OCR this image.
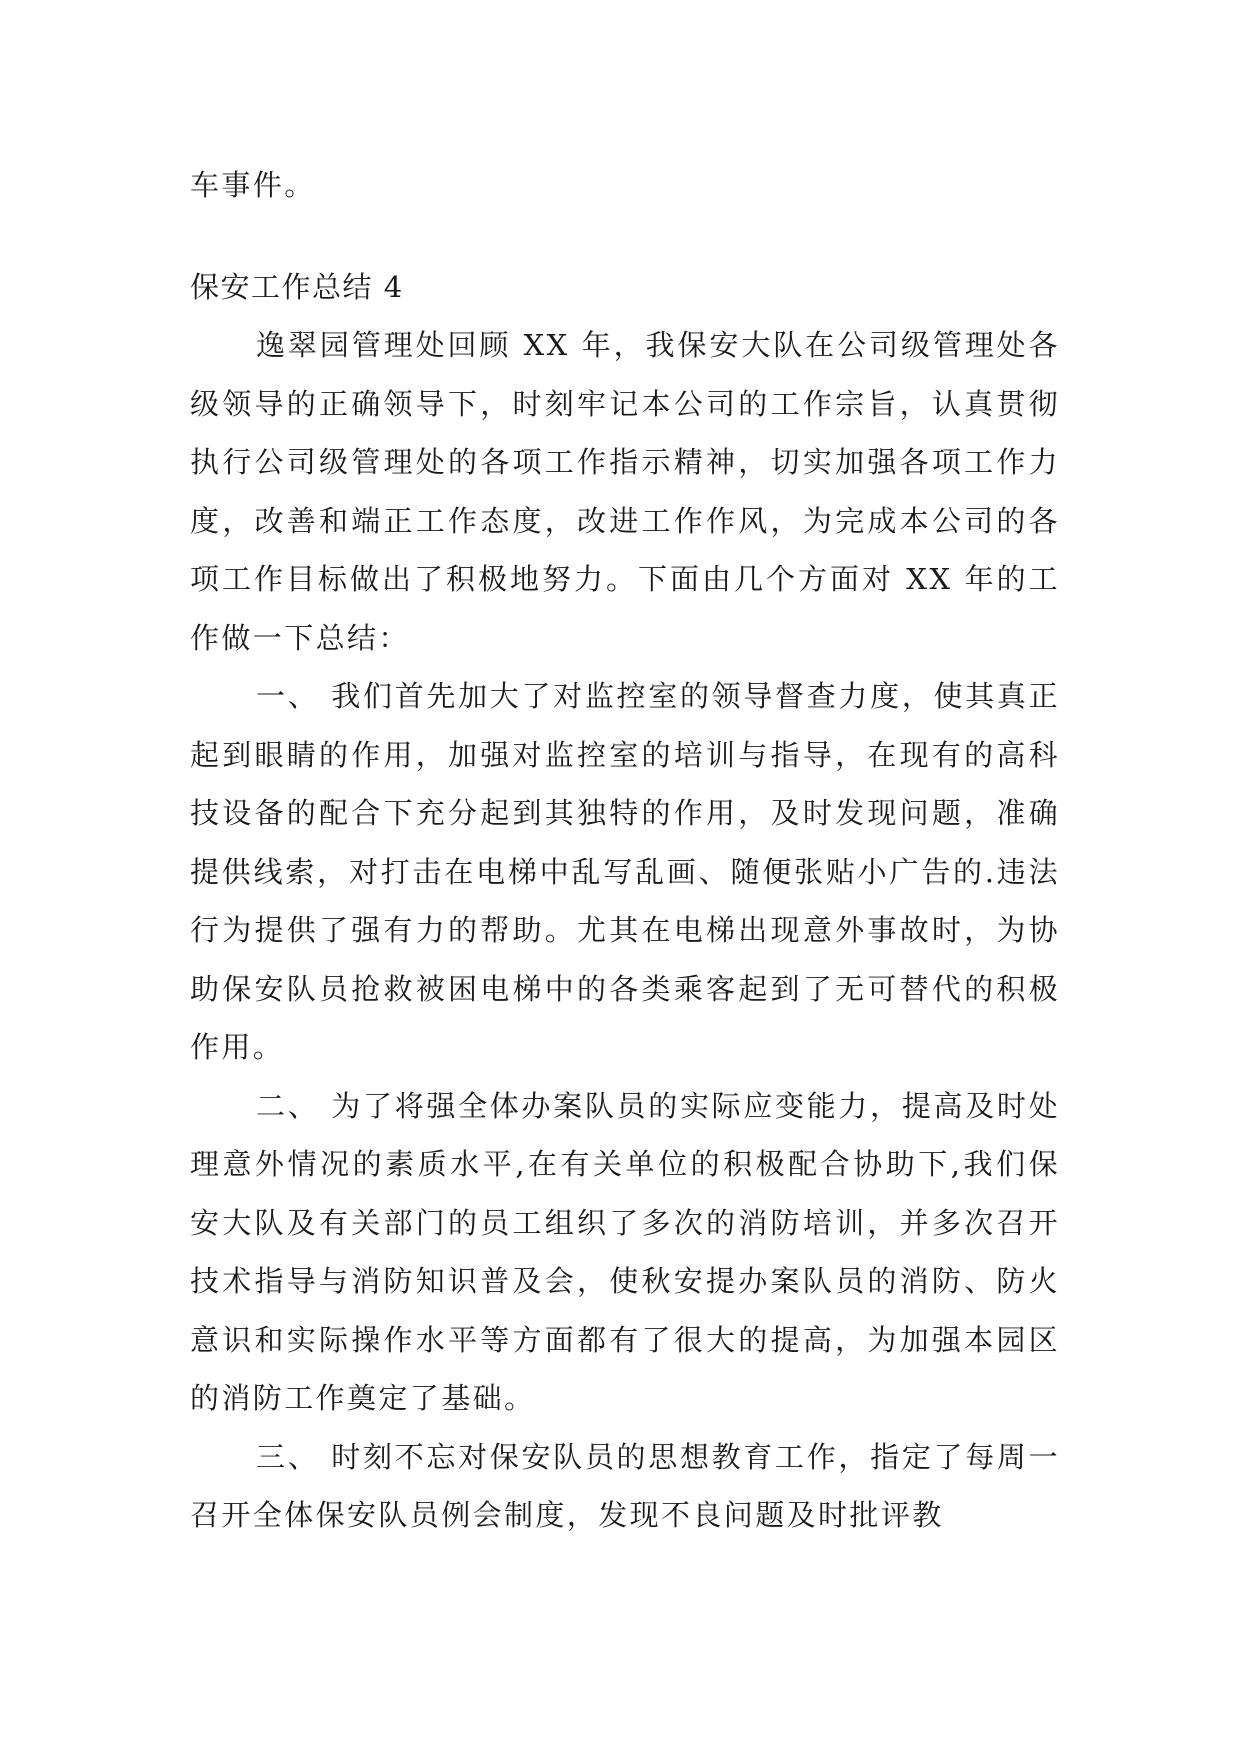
车事件。

保安工作总结 4

逸翠园管理处回顾 XX 年，我保安大队在公司级管理处各级领导的正确领导下，时刻牢记本公司的工作宗旨，认真贯彻执行公司级管理处的各项工作指示精神，切实加强各项工作力度，改善和端正工作态度，改进工作作风，为完成本公司的各项工作目标做出了积极地努力。下面由几个方面对 XX 年的工作做一下总结：

一、 我们首先加大了对监控室的领导督查力度，使其真正起到眼睛的作用，加强对监控室的培训与指导，在现有的高科技设备的配合下充分起到其独特的作用，及时发现问题，准确提供线索，对打击在电梯中乱写乱画、随便张贴小广告的.违法行为提供了强有力的帮助。尤其在电梯出现意外事故时，为协助保安队员抢救被困电梯中的各类乘客起到了无可替代的积极作用。

二、 为了将强全体办案队员的实际应变能力，提高及时处理意外情况的素质水平,在有关单位的积极配合协助下,我们保安大队及有关部门的员工组织了多次的消防培训，并多次召开技术指导与消防知识普及会，使秋安提办案队员的消防、防火意识和实际操作水平等方面都有了很大的提高，为加强本园区的消防工作奠定了基础。

三、 时刻不忘对保安队员的思想教育工作，指定了每周一召开全体保安队员例会制度，发现不良问题及时批评教
